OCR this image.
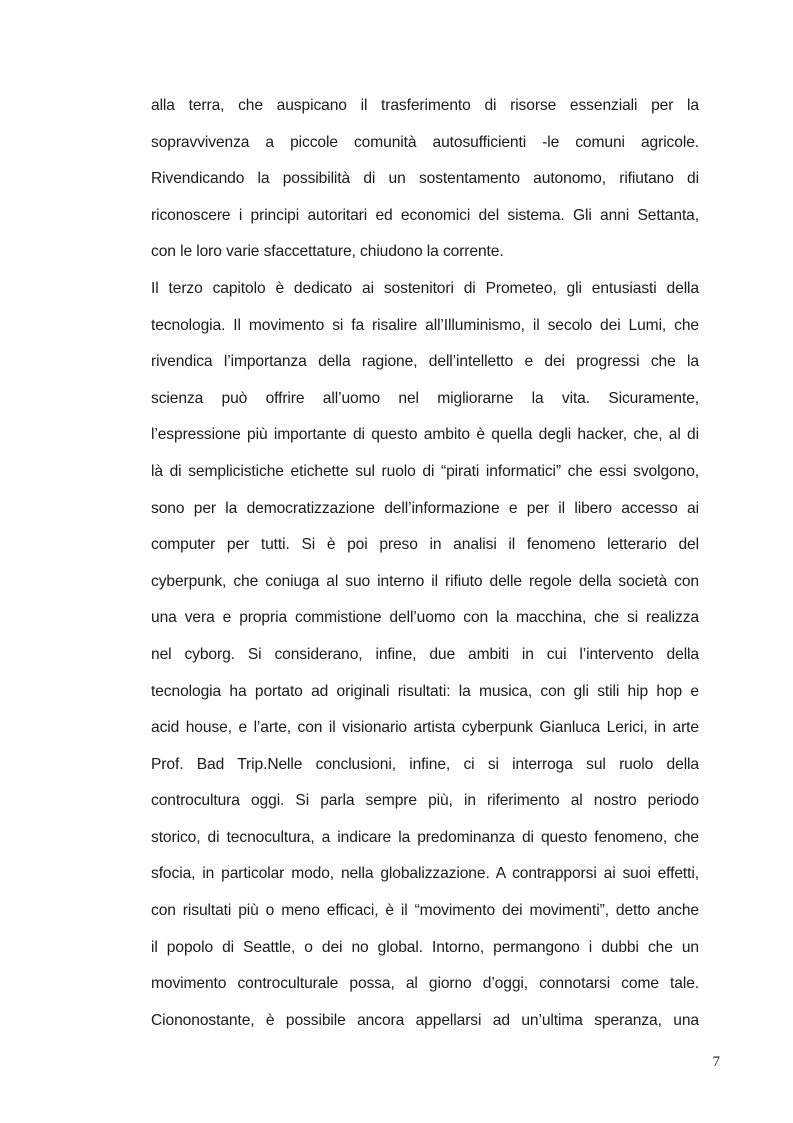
alla terra, che auspicano il trasferimento di risorse essenziali per la
sopravvivenza a piccole comunità autosufficienti -le comuni agricole.
Rivendicando la possibilità di un sostentamento autonomo, rifiutano di
riconoscere i principi autoritari ed economici del sistema. Gli anni Settanta,
con le loro varie sfaccettature, chiudono la corrente.
Il terzo capitolo è dedicato ai sostenitori di Prometeo, gli entusiasti della
tecnologia. Il movimento si fa risalire all’Illuminismo, il secolo dei Lumi, che
rivendica l’importanza della ragione, dell’intelletto e dei progressi che la
scienza può offrire all’uomo nel migliorarne la vita. Sicuramente,
l’espressione più importante di questo ambito è quella degli hacker, che, al di
là di semplicistiche etichette sul ruolo di “pirati informatici” che essi svolgono,
sono per la democratizzazione dell’informazione e per il libero accesso ai
computer per tutti. Si è poi preso in analisi il fenomeno letterario del
cyberpunk, che coniuga al suo interno il rifiuto delle regole della società con
una vera e propria commistione dell’uomo con la macchina, che si realizza
nel cyborg. Si considerano, infine, due ambiti in cui l’intervento della
tecnologia ha portato ad originali risultati: la musica, con gli stili hip hop e
acid house, e l’arte, con il visionario artista cyberpunk Gianluca Lerici, in arte
Prof. Bad Trip.Nelle conclusioni, infine, ci si interroga sul ruolo della
controcultura oggi. Si parla sempre più, in riferimento al nostro periodo
storico, di tecnocultura, a indicare la predominanza di questo fenomeno, che
sfocia, in particolar modo, nella globalizzazione. A contrapporsi ai suoi effetti,
con risultati più o meno efficaci, è il “movimento dei movimenti”, detto anche
il popolo di Seattle, o dei no global. Intorno, permangono i dubbi che un
movimento controculturale possa, al giorno d’oggi, connotarsi come tale.
Ciononostante, è possibile ancora appellarsi ad un’ultima speranza, una
7
